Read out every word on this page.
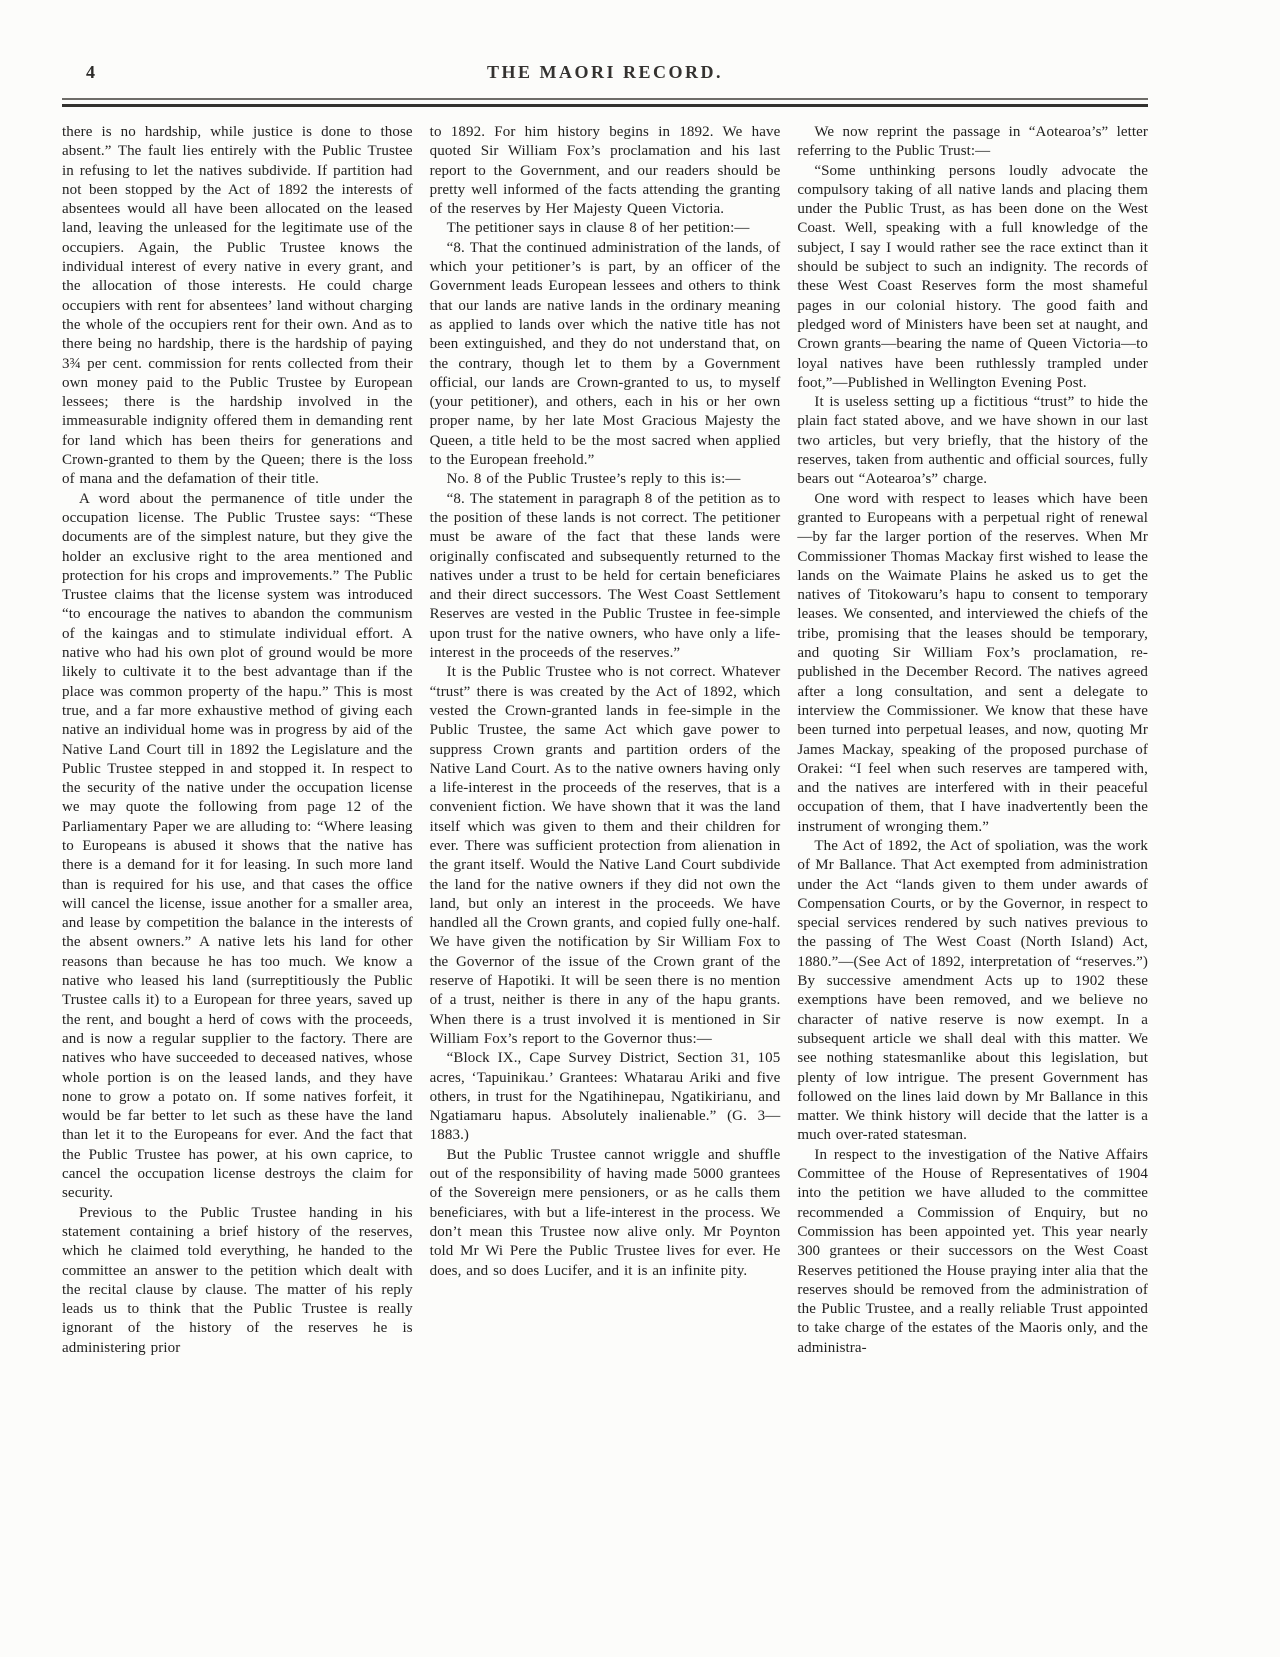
4	THE MAORI RECORD.

there is no hardship, while justice is done to those absent.” The fault lies entirely with the Public Trustee in refusing to let the natives subdivide. If partition had not been stopped by the Act of 1892 the interests of absentees would all have been allocated on the leased land, leaving the unleased for the legitimate use of the occupiers. Again, the Public Trustee knows the individual interest of every native in every grant, and the allocation of those interests. He could charge occupiers with rent for absentees’ land without charging the whole of the occupiers rent for their own. And as to there being no hardship, there is the hardship of paying 3¾ per cent. commission for rents collected from their own money paid to the Public Trustee by European lessees; there is the hardship involved in the immeasurable indignity offered them in demanding rent for land which has been theirs for generations and Crown-granted to them by the Queen; there is the loss of mana and the defamation of their title.

A word about the permanence of title under the occupation license. The Public Trustee says: “These documents are of the simplest nature, but they give the holder an exclusive right to the area mentioned and protection for his crops and improvements.” The Public Trustee claims that the license system was introduced “to encourage the natives to abandon the communism of the kaingas and to stimulate individual effort. A native who had his own plot of ground would be more likely to cultivate it to the best advantage than if the place was common property of the hapu.” This is most true, and a far more exhaustive method of giving each native an individual home was in progress by aid of the Native Land Court till in 1892 the Legislature and the Public Trustee stepped in and stopped it. In respect to the security of the native under the occupation license we may quote the following from page 12 of the Parliamentary Paper we are alluding to: “Where leasing to Europeans is abused it shows that the native has there is a demand for it for leasing. In such more land than is required for his use, and that cases the office will cancel the license, issue another for a smaller area, and lease by competition the balance in the interests of the absent owners.” A native lets his land for other reasons than because he has too much. We know a native who leased his land (surreptitiously the Public Trustee calls it) to a European for three years, saved up the rent, and bought a herd of cows with the proceeds, and is now a regular supplier to the factory. There are natives who have succeeded to deceased natives, whose whole portion is on the leased lands, and they have none to grow a potato on. If some natives forfeit, it would be far better to let such as these have the land than let it to the Europeans for ever. And the fact that the Public Trustee has power, at his own caprice, to cancel the occupation license destroys the claim for security.

Previous to the Public Trustee handing in his statement containing a brief history of the reserves, which he claimed told everything, he handed to the committee an answer to the petition which dealt with the recital clause by clause. The matter of his reply leads us to think that the Public Trustee is really ignorant of the history of the reserves he is administering prior

to 1892. For him history begins in 1892. We have quoted Sir William Fox’s proclamation and his last report to the Government, and our readers should be pretty well informed of the facts attending the granting of the reserves by Her Majesty Queen Victoria.

The petitioner says in clause 8 of her petition:—

“8. That the continued administration of the lands, of which your petitioner’s is part, by an officer of the Government leads European lessees and others to think that our lands are native lands in the ordinary meaning as applied to lands over which the native title has not been extinguished, and they do not understand that, on the contrary, though let to them by a Government official, our lands are Crown-granted to us, to myself (your petitioner), and others, each in his or her own proper name, by her late Most Gracious Majesty the Queen, a title held to be the most sacred when applied to the European freehold.”

No. 8 of the Public Trustee’s reply to this is:—

“8. The statement in paragraph 8 of the petition as to the position of these lands is not correct. The petitioner must be aware of the fact that these lands were originally confiscated and subsequently returned to the natives under a trust to be held for certain beneficiares and their direct successors. The West Coast Settlement Reserves are vested in the Public Trustee in fee-simple upon trust for the native owners, who have only a life-interest in the proceeds of the reserves.”

It is the Public Trustee who is not correct. Whatever “trust” there is was created by the Act of 1892, which vested the Crown-granted lands in fee-simple in the Public Trustee, the same Act which gave power to suppress Crown grants and partition orders of the Native Land Court. As to the native owners having only a life-interest in the proceeds of the reserves, that is a convenient fiction. We have shown that it was the land itself which was given to them and their children for ever. There was sufficient protection from alienation in the grant itself. Would the Native Land Court subdivide the land for the native owners if they did not own the land, but only an interest in the proceeds. We have handled all the Crown grants, and copied fully one-half. We have given the notification by Sir William Fox to the Governor of the issue of the Crown grant of the reserve of Hapotiki. It will be seen there is no mention of a trust, neither is there in any of the hapu grants. When there is a trust involved it is mentioned in Sir William Fox’s report to the Governor thus:—

“Block IX., Cape Survey District, Section 31, 105 acres, ‘Tapuinikau.’ Grantees: Whatarau Ariki and five others, in trust for the Ngatihinepau, Ngatikirianu, and Ngatiamaru hapus. Absolutely inalienable.” (G. 3—1883.)

But the Public Trustee cannot wriggle and shuffle out of the responsibility of having made 5000 grantees of the Sovereign mere pensioners, or as he calls them beneficiares, with but a life-interest in the process. We don’t mean this Trustee now alive only. Mr Poynton told Mr Wi Pere the Public Trustee lives for ever. He does, and so does Lucifer, and it is an infinite pity.

We now reprint the passage in “Aotearoa’s” letter referring to the Public Trust:—

“Some unthinking persons loudly advocate the compulsory taking of all native lands and placing them under the Public Trust, as has been done on the West Coast. Well, speaking with a full knowledge of the subject, I say I would rather see the race extinct than it should be subject to such an indignity. The records of these West Coast Reserves form the most shameful pages in our colonial history. The good faith and pledged word of Ministers have been set at naught, and Crown grants—bearing the name of Queen Victoria—to loyal natives have been ruthlessly trampled under foot,”—Published in Wellington Evening Post.

It is useless setting up a fictitious “trust” to hide the plain fact stated above, and we have shown in our last two articles, but very briefly, that the history of the reserves, taken from authentic and official sources, fully bears out “Aotearoa’s” charge.

One word with respect to leases which have been granted to Europeans with a perpetual right of renewal—by far the larger portion of the reserves. When Mr Commissioner Thomas Mackay first wished to lease the lands on the Waimate Plains he asked us to get the natives of Titokowaru’s hapu to consent to temporary leases. We consented, and interviewed the chiefs of the tribe, promising that the leases should be temporary, and quoting Sir William Fox’s proclamation, re-published in the December Record. The natives agreed after a long consultation, and sent a delegate to interview the Commissioner. We know that these have been turned into perpetual leases, and now, quoting Mr James Mackay, speaking of the proposed purchase of Orakei: “I feel when such reserves are tampered with, and the natives are interfered with in their peaceful occupation of them, that I have inadvertently been the instrument of wronging them.”

The Act of 1892, the Act of spoliation, was the work of Mr Ballance. That Act exempted from administration under the Act “lands given to them under awards of Compensation Courts, or by the Governor, in respect to special services rendered by such natives previous to the passing of The West Coast (North Island) Act, 1880.”—(See Act of 1892, interpretation of “reserves.”) By successive amendment Acts up to 1902 these exemptions have been removed, and we believe no character of native reserve is now exempt. In a subsequent article we shall deal with this matter. We see nothing statesmanlike about this legislation, but plenty of low intrigue. The present Government has followed on the lines laid down by Mr Ballance in this matter. We think history will decide that the latter is a much over-rated statesman.

In respect to the investigation of the Native Affairs Committee of the House of Representatives of 1904 into the petition we have alluded to the committee recommended a Commission of Enquiry, but no Commission has been appointed yet. This year nearly 300 grantees or their successors on the West Coast Reserves petitioned the House praying inter alia that the reserves should be removed from the administration of the Public Trustee, and a really reliable Trust appointed to take charge of the estates of the Maoris only, and the administra-
